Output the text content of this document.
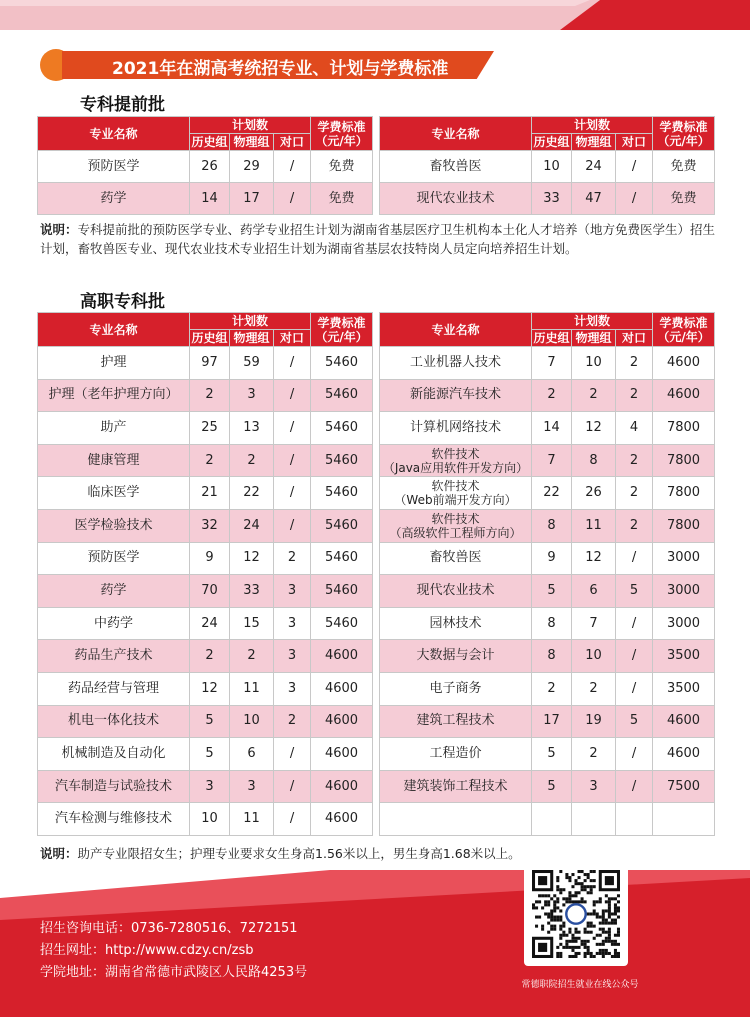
2021年在湖高考统招专业、计划与学费标准
专科提前批
专业名称	计划数			学费标准
（元/年）
	历史组	物理组	对口	
预防医学	26	29	/	免费
药学	14	17	/	免费
专业名称	计划数			学费标准
（元/年）
	历史组	物理组	对口	
畜牧兽医	10	24	/	免费
现代农业技术	33	47	/	免费
说明：专科提前批的预防医学专业、药学专业招生计划为湖南省基层医疗卫生机构本土化人才培养（地方免费医学生）招生计划，畜牧兽医专业、现代农业技术专业招生计划为湖南省基层农技特岗人员定向培养招生计划。
高职专科批
专业名称	计划数			学费标准
（元/年）
	历史组	物理组	对口	
护理	97	59	/	5460
护理（老年护理方向）	2	3	/	5460
助产	25	13	/	5460
健康管理	2	2	/	5460
临床医学	21	22	/	5460
医学检验技术	32	24	/	5460
预防医学	9	12	2	5460
药学	70	33	3	5460
中药学	24	15	3	5460
药品生产技术	2	2	3	4600
药品经营与管理	12	11	3	4600
机电一体化技术	5	10	2	4600
机械制造及自动化	5	6	/	4600
汽车制造与试验技术	3	3	/	4600
汽车检测与维修技术	10	11	/	4600
专业名称	计划数			学费标准
（元/年）
	历史组	物理组	对口	
工业机器人技术	7	10	2	4600
新能源汽车技术	2	2	2	4600
计算机网络技术	14	12	4	7800
软件技术
（Java应用软件开发方向）	7	8	2	7800
软件技术
（Web前端开发方向）	22	26	2	7800
软件技术
（高级软件工程师方向）	8	11	2	7800
畜牧兽医	9	12	/	3000
现代农业技术	5	6	5	3000
园林技术	8	7	/	3000
大数据与会计	8	10	/	3500
电子商务	2	2	/	3500
建筑工程技术	17	19	5	4600
工程造价	5	2	/	4600
建筑装饰工程技术	5	3	/	7500

说明：助产专业限招女生；护理专业要求女生身高1.56米以上，男生身高1.68米以上。
招生咨询电话：0736-7280516、7272151
招生网址：http://www.cdzy.cn/zsb
学院地址：湖南省常德市武陵区人民路4253号
常德职院招生就业在线公众号
